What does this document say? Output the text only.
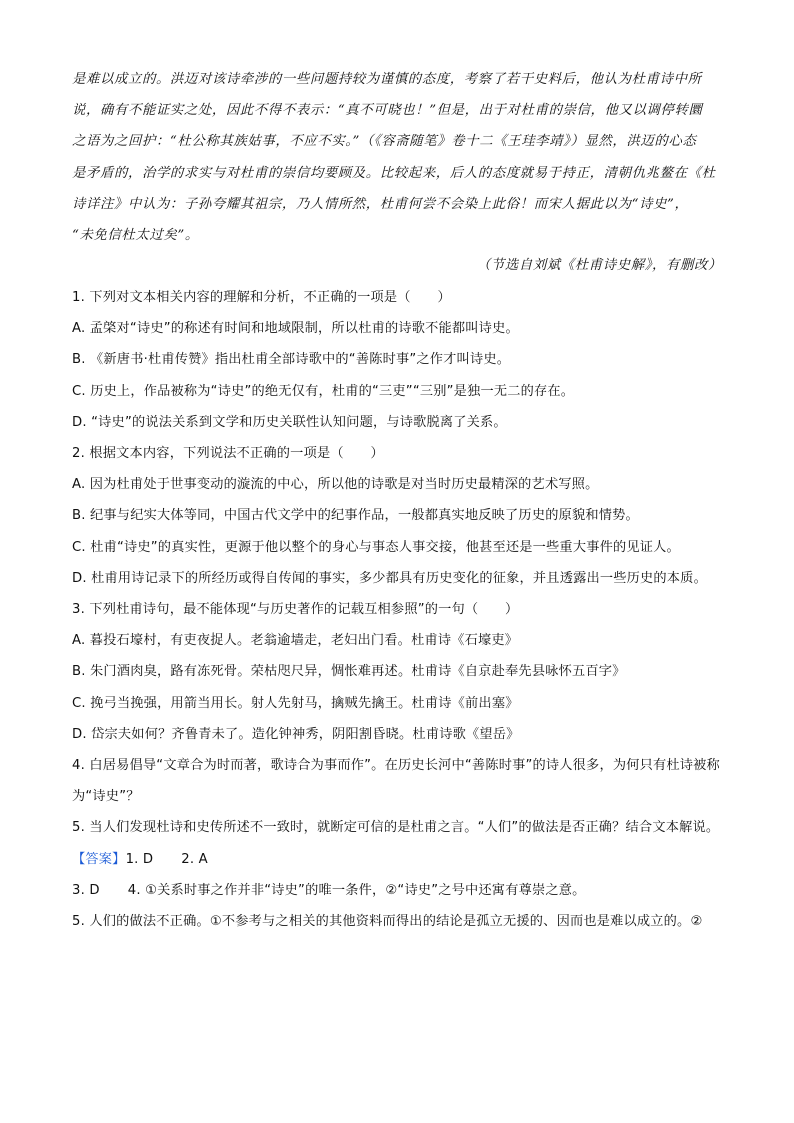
是难以成立的。洪迈对该诗牵涉的一些问题持较为谨慎的态度，考察了若干史料后，他认为杜甫诗中所
说，确有不能证实之处，因此不得不表示：“真不可晓也！”但是，出于对杜甫的崇信，他又以调停转圜
之语为之回护：“杜公称其族姑事，不应不实。”（《容斋随笔》卷十二《王珪李靖》）显然，洪迈的心态
是矛盾的，治学的求实与对杜甫的崇信均要顾及。比较起来，后人的态度就易于持正，清朝仇兆鳌在《杜
诗详注》中认为：子孙夸耀其祖宗，乃人情所然，杜甫何尝不会染上此俗！而宋人据此以为“诗史”，
“未免信杜太过矣”。
（节选自刘斌《杜甫诗史解》，有删改）
1. 下列对文本相关内容的理解和分析，不正确的一项是（　　）
A. 孟棨对“诗史”的称述有时间和地域限制，所以杜甫的诗歌不能都叫诗史。
B. 《新唐书·杜甫传赞》指出杜甫全部诗歌中的“善陈时事”之作才叫诗史。
C. 历史上，作品被称为“诗史”的绝无仅有，杜甫的“三吏”“三别”是独一无二的存在。
D. “诗史”的说法关系到文学和历史关联性认知问题，与诗歌脱离了关系。
2. 根据文本内容，下列说法不正确的一项是（　　）
A. 因为杜甫处于世事变动的漩流的中心，所以他的诗歌是对当时历史最精深的艺术写照。
B. 纪事与纪实大体等同，中国古代文学中的纪事作品，一般都真实地反映了历史的原貌和情势。
C. 杜甫“诗史”的真实性，更源于他以整个的身心与事态人事交接，他甚至还是一些重大事件的见证人。
D. 杜甫用诗记录下的所经历或得自传闻的事实，多少都具有历史变化的征象，并且透露出一些历史的本质。
3. 下列杜甫诗句，最不能体现“与历史著作的记载互相参照”的一句（　　）
A. 暮投石壕村，有吏夜捉人。老翁逾墙走，老妇出门看。杜甫诗《石壕吏》
B. 朱门酒肉臭，路有冻死骨。荣枯咫尺异，惆怅难再述。杜甫诗《自京赴奉先县咏怀五百字》
C. 挽弓当挽强，用箭当用长。射人先射马，擒贼先擒王。杜甫诗《前出塞》
D. 岱宗夫如何？齐鲁青未了。造化钟神秀，阴阳割昏晓。杜甫诗歌《望岳》
4. 白居易倡导“文章合为时而著，歌诗合为事而作”。在历史长河中“善陈时事”的诗人很多，为何只有杜诗被称为“诗史”？
5. 当人们发现杜诗和史传所述不一致时，就断定可信的是杜甫之言。“人们”的做法是否正确？结合文本解说。
【答案】1. D 2. A
3. D 4. ①关系时事之作并非“诗史”的唯一条件，②“诗史”之号中还寓有尊崇之意。
5. 人们的做法不正确。①不参考与之相关的其他资料而得出的结论是孤立无援的、因而也是难以成立的。②
